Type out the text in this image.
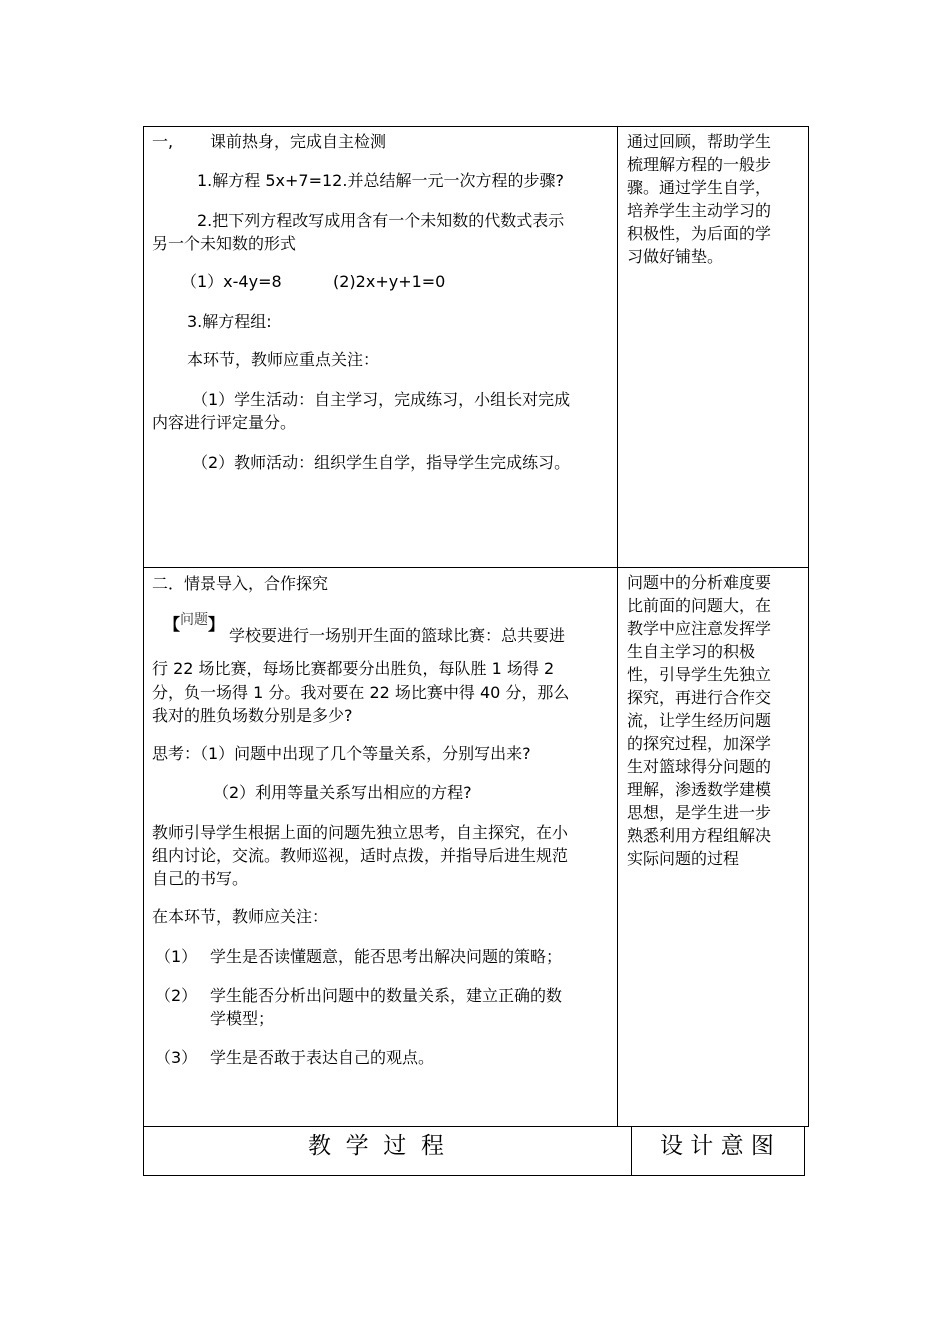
一, 课前热身，完成自主检测
1.解方程 5x+7=12.并总结解一元一次方程的步骤?
2.把下列方程改写成用含有一个未知数的代数式表示
另一个未知数的形式
（1）x-4y=8	(2)2x+y+1=0
3.解方程组:
本环节，教师应重点关注：
（1）学生活动：自主学习，完成练习，小组长对完成
内容进行评定量分。
（2）教师活动：组织学生自学，指导学生完成练习。
通过回顾，帮助学生
梳理解方程的一般步
骤。通过学生自学，
培养学生主动学习的
积极性，为后面的学
习做好铺垫。
二．情景导入，合作探究
【问题】
学校要进行一场别开生面的篮球比赛：总共要进
行 22 场比赛，每场比赛都要分出胜负，每队胜 1 场得 2
分，负一场得 1 分。我对要在 22 场比赛中得 40 分，那么
我对的胜负场数分别是多少?
思考：（1）问题中出现了几个等量关系，分别写出来?
（2）利用等量关系写出相应的方程?
教师引导学生根据上面的问题先独立思考，自主探究，在小
组内讨论，交流。教师巡视，适时点拨，并指导后进生规范
自己的书写。
在本环节，教师应关注：
（1） 学生是否读懂题意，能否思考出解决问题的策略；
（2） 学生能否分析出问题中的数量关系，建立正确的数
学模型；
（3） 学生是否敢于表达自己的观点。
问题中的分析难度要
比前面的问题大，在
教学中应注意发挥学
生自主学习的积极
性，引导学生先独立
探究，再进行合作交
流，让学生经历问题
的探究过程，加深学
生对篮球得分问题的
理解，渗透数学建模
思想，是学生进一步
熟悉利用方程组解决
实际问题的过程
教  学  过  程	设 计 意 图
